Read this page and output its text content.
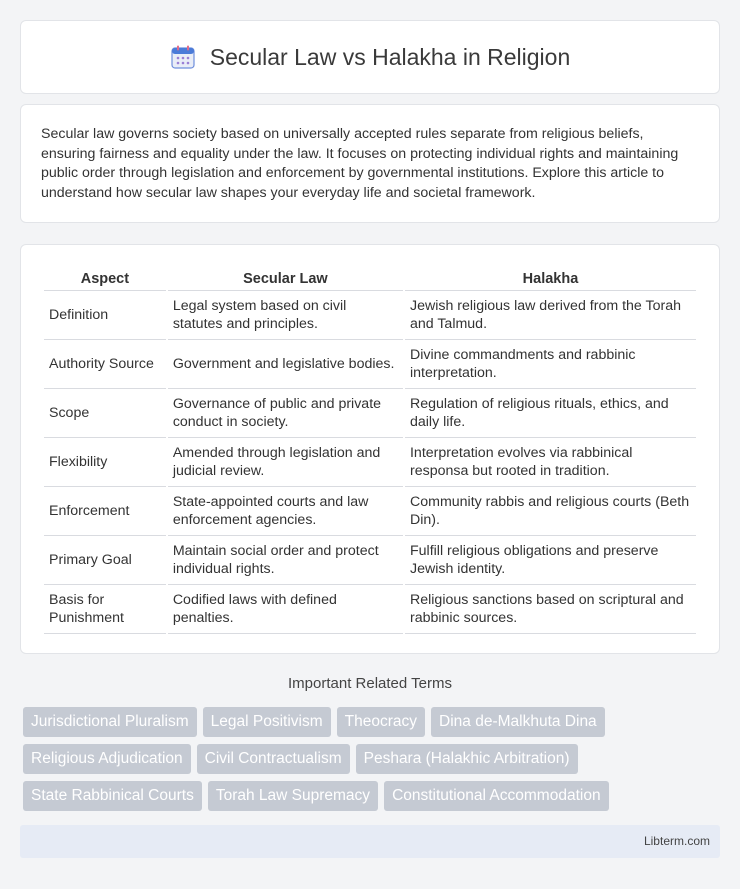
Secular Law vs Halakha in Religion

Secular law governs society based on universally accepted rules separate from religious beliefs, ensuring fairness and equality under the law. It focuses on protecting individual rights and maintaining public order through legislation and enforcement by governmental institutions. Explore this article to understand how secular law shapes your everyday life and societal framework.

Aspect	Secular Law	Halakha
Definition	Legal system based on civil statutes and principles.	Jewish religious law derived from the Torah and Talmud.
Authority Source	Government and legislative bodies.	Divine commandments and rabbinic interpretation.
Scope	Governance of public and private conduct in society.	Regulation of religious rituals, ethics, and daily life.
Flexibility	Amended through legislation and judicial review.	Interpretation evolves via rabbinical responsa but rooted in tradition.
Enforcement	State-appointed courts and law enforcement agencies.	Community rabbis and religious courts (Beth Din).
Primary Goal	Maintain social order and protect individual rights.	Fulfill religious obligations and preserve Jewish identity.
Basis for Punishment	Codified laws with defined penalties.	Religious sanctions based on scriptural and rabbinic sources.
Important Related Terms
Jurisdictional Pluralism	Legal Positivism	Theocracy	Dina de-Malkhuta Dina
Religious Adjudication	Civil Contractualism	Peshara (Halakhic Arbitration)
State Rabbinical Courts	Torah Law Supremacy	Constitutional Accommodation
Libterm.com
